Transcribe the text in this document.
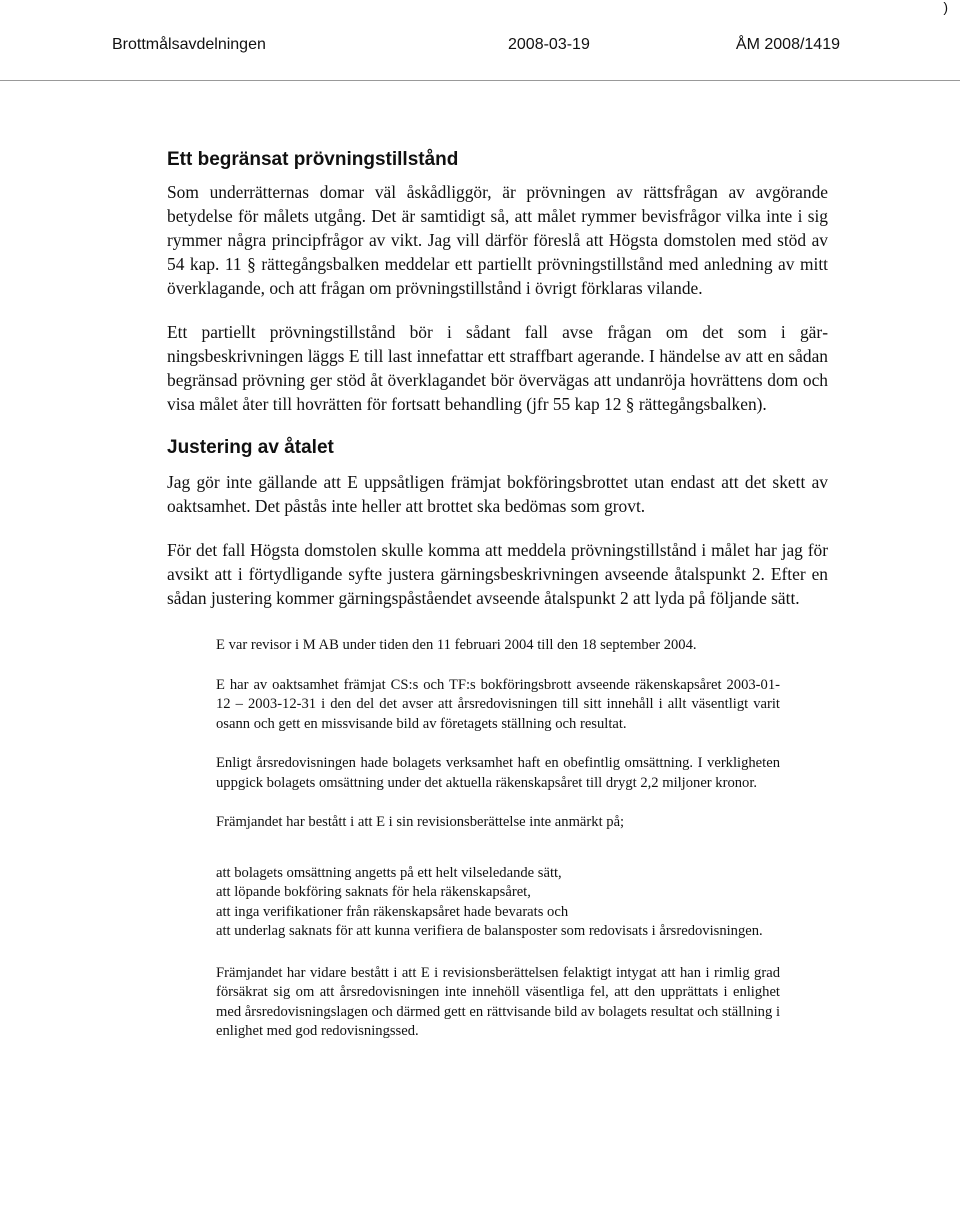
)
Brottmålsavdelningen	2008-03-19	ÅM 2008/1419
Ett begränsat prövningstillstånd

Som underrätternas domar väl åskådliggör, är prövningen av rättsfrågan av avgörande betydelse för målets utgång. Det är samtidigt så, att målet rymmer bevisfrågor vilka inte i sig rymmer några principfrågor av vikt. Jag vill därför föreslå att Högsta domstolen med stöd av 54 kap. 11 § rättegångsbalken meddelar ett partiellt prövningstillstånd med anledning av mitt överklagande, och att frågan om prövningstillstånd i övrigt förklaras vilande.

Ett partiellt prövningstillstånd bör i sådant fall avse frågan om det som i gärningsbeskrivningen läggs E till last innefattar ett straffbart agerande. I händelse av att en sådan begränsad prövning ger stöd åt överklagandet bör övervägas att undanröja hovrättens dom och visa målet åter till hovrätten för fortsatt behandling (jfr 55 kap 12 § rättegångsbalken).

Justering av åtalet

Jag gör inte gällande att E uppsåtligen främjat bokföringsbrottet utan endast att det skett av oaktsamhet. Det påstås inte heller att brottet ska bedömas som grovt.

För det fall Högsta domstolen skulle komma att meddela prövningstillstånd i målet har jag för avsikt att i förtydligande syfte justera gärningsbeskrivningen avseende åtalspunkt 2. Efter en sådan justering kommer gärningspåståendet avseende åtalspunkt 2 att lyda på följande sätt.

E var revisor i M AB under tiden den 11 februari 2004 till den 18 september 2004.

E har av oaktsamhet främjat CS:s och TF:s bokföringsbrott avseende räkenskapsåret 2003-01-12 – 2003-12-31 i den del det avser att årsredovisningen till sitt innehåll i allt väsentligt varit osann och gett en missvisande bild av företagets ställning och resultat.

Enligt årsredovisningen hade bolagets verksamhet haft en obefintlig omsättning. I verkligheten uppgick bolagets omsättning under det aktuella räkenskapsåret till drygt 2,2 miljoner kronor.

Främjandet har bestått i att E i sin revisionsberättelse inte anmärkt på;

att bolagets omsättning angetts på ett helt vilseledande sätt,
att löpande bokföring saknats för hela räkenskapsåret,
att inga verifikationer från räkenskapsåret hade bevarats och
att underlag saknats för att kunna verifiera de balansposter som redovisats i årsredovisningen.

Främjandet har vidare bestått i att E i revisionsberättelsen felaktigt intygat att han i rimlig grad försäkrat sig om att årsredovisningen inte innehöll väsentliga fel, att den upprättats i enlighet med årsredovisningslagen och därmed gett en rättvisande bild av bolagets resultat och ställning i enlighet med god redovisningssed.
